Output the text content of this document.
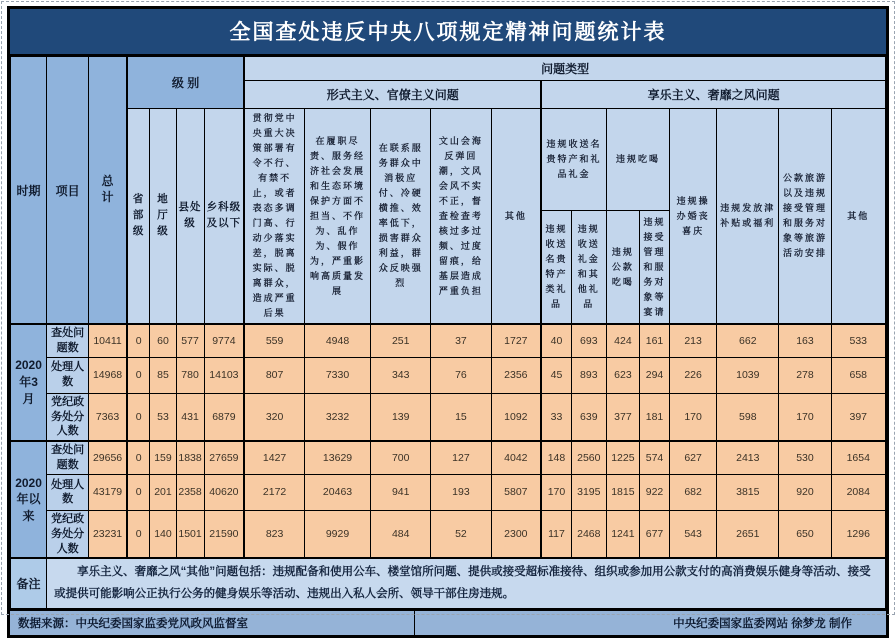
全国查处违反中央八项规定精神问题统计表
时期	项目	总计	级 别				问题类型												
							形式主义、官僚主义问题					享乐主义、奢靡之风问题							
			省部级	地厅级	县处级	乡科级及以下	贯彻党中央重大决策部署有令不行、有禁不止，或者表态多调门高、行动少落实差，脱离实际、脱离群众，造成严重后果	在履职尽责、服务经济社会发展和生态环境保护方面不担当、不作为、乱作为、假作为，严重影响高质量发展	在联系服务群众中消极应付、冷硬横推、效率低下，损害群众利益，群众反映强烈	文山会海反弹回潮，文风会风不实不正，督查检查考核过多过频、过度留痕，给基层造成严重负担	其他	违规收送名贵特产和礼品礼金		违规吃喝		违规操办婚丧喜庆	违规发放津补贴或福利	公款旅游以及违规接受管理和服务对象等旅游活动安排	其他
												违规收送名贵特产类礼品	违规收送礼金和其他礼品	违规公款吃喝	违规接受管理和服务对象等宴请				
2020年3月	查处问题数	10411	0	60	577	9774	559	4948	251	37	1727	40	693	424	161	213	662	163	533
	处理人数	14968	0	85	780	14103	807	7330	343	76	2356	45	893	623	294	226	1039	278	658
	党纪政务处分人数	7363	0	53	431	6879	320	3232	139	15	1092	33	639	377	181	170	598	170	397
2020年以来	查处问题数	29656	0	159	1838	27659	1427	13629	700	127	4042	148	2560	1225	574	627	2413	530	1654
	处理人数	43179	0	201	2358	40620	2172	20463	941	193	5807	170	3195	1815	922	682	3815	920	2084
	党纪政务处分人数	23231	0	140	1501	21590	823	9929	484	52	2300	117	2468	1241	677	543	2651	650	1296
备注	享乐主义、奢靡之风“其他”问题包括：违规配备和使用公车、楼堂馆所问题、提供或接受超标准接待、组织或参加用公款支付的高消费娱乐健身等活动、接受或提供可能影响公正执行公务的健身娱乐等活动、违规出入私人会所、领导干部住房违规。																		
数据来源：中央纪委国家监委党风政风监督室	中央纪委国家监委网站 徐梦龙 制作
